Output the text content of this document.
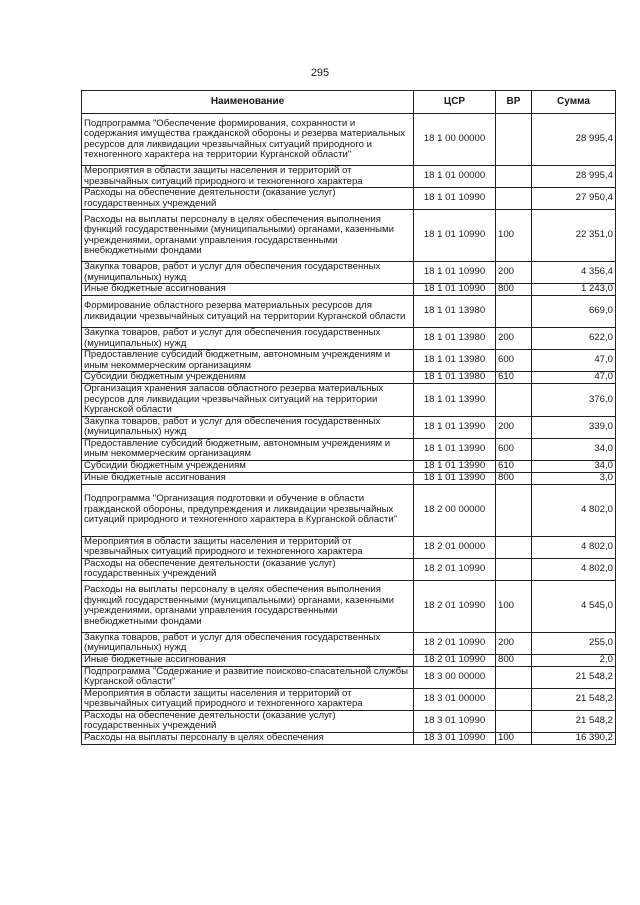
295
Наименование	ЦСР	ВР	Сумма
Подпрограмма "Обеспечение формирования, сохранности и содержания имущества гражданской обороны и резерва материальных ресурсов для ликвидации чрезвычайных ситуаций природного и техногенного характера на территории Курганской области"	18 1 00 00000		28 995,4
Мероприятия в области защиты населения и территорий от чрезвычайных ситуаций природного и техногенного характера	18 1 01 00000		28 995,4
Расходы на обеспечение деятельности (оказание услуг) государственных учреждений	18 1 01 10990		27 950,4
Расходы на выплаты персоналу в целях обеспечения выполнения функций государственными (муниципальными) органами, казенными учреждениями, органами управления государственными внебюджетными фондами	18 1 01 10990	100	22 351,0
Закупка товаров, работ и услуг для обеспечения государственных (муниципальных) нужд	18 1 01 10990	200	4 356,4
Иные бюджетные ассигнования	18 1 01 10990	800	1 243,0
Формирование областного резерва материальных ресурсов для ликвидации чрезвычайных ситуаций на территории Курганской области	18 1 01 13980		669,0
Закупка товаров, работ и услуг для обеспечения государственных (муниципальных) нужд	18 1 01 13980	200	622,0
Предоставление субсидий бюджетным, автономным учреждениям и иным некоммерческим организациям	18 1 01 13980	600	47,0
Субсидии бюджетным учреждениям	18 1 01 13980	610	47,0
Организация хранения запасов областного резерва материальных ресурсов для ликвидации чрезвычайных ситуаций на территории Курганской области	18 1 01 13990		376,0
Закупка товаров, работ и услуг для обеспечения государственных (муниципальных) нужд	18 1 01 13990	200	339,0
Предоставление субсидий бюджетным, автономным учреждениям и иным некоммерческим организациям	18 1 01 13990	600	34,0
Субсидии бюджетным учреждениям	18 1 01 13990	610	34,0
Иные бюджетные ассигнования	18 1 01 13990	800	3,0
Подпрограмма "Организация подготовки и обучение в области гражданской обороны, предупреждения и ликвидации чрезвычайных ситуаций природного и техногенного характера в Курганской области"	18 2 00 00000		4 802,0
Мероприятия в области защиты населения и территорий от чрезвычайных ситуаций природного и техногенного характера	18 2 01 00000		4 802,0
Расходы на обеспечение деятельности (оказание услуг) государственных учреждений	18 2 01 10990		4 802,0
Расходы на выплаты персоналу в целях обеспечения выполнения функций государственными (муниципальными) органами, казенными учреждениями, органами управления государственными внебюджетными фондами	18 2 01 10990	100	4 545,0
Закупка товаров, работ и услуг для обеспечения государственных (муниципальных) нужд	18 2 01 10990	200	255,0
Иные бюджетные ассигнования	18 2 01 10990	800	2,0
Подпрограмма "Содержание и развитие поисково-спасательной службы Курганской области"	18 3 00 00000		21 548,2
Мероприятия в области защиты населения и территорий от чрезвычайных ситуаций природного и техногенного характера	18 3 01 00000		21 548,2
Расходы на обеспечение деятельности (оказание услуг) государственных учреждений	18 3 01 10990		21 548,2
Расходы на выплаты персоналу в целях обеспечения	18 3 01 10990	100	16 390,2
